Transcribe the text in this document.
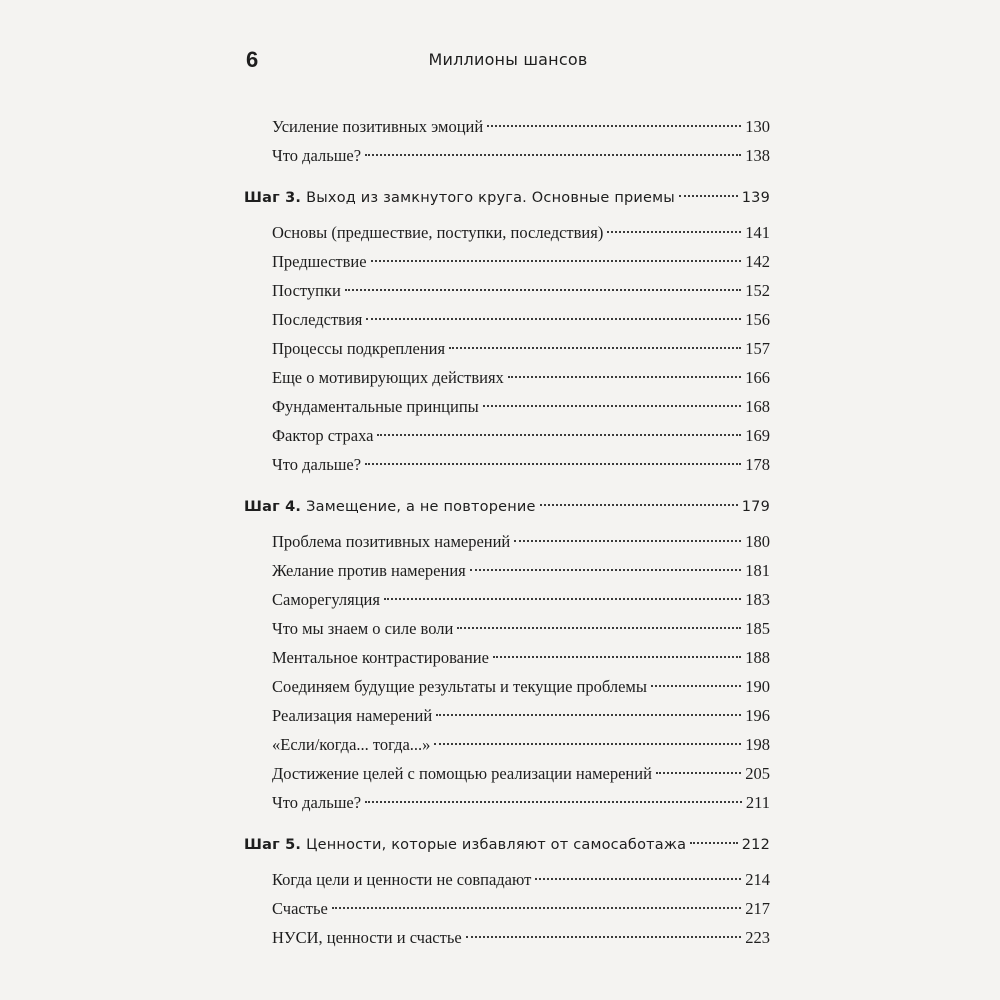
6	Миллионы шансов
Усиление позитивных эмоций	130
Что дальше?	138
Шаг 3. Выход из замкнутого круга. Основные приемы	139
Основы (предшествие, поступки, последствия)	141
Предшествие	142
Поступки	152
Последствия	156
Процессы подкрепления	157
Еще о мотивирующих действиях	166
Фундаментальные принципы	168
Фактор страха	169
Что дальше?	178
Шаг 4. Замещение, а не повторение	179
Проблема позитивных намерений	180
Желание против намерения	181
Саморегуляция	183
Что мы знаем о силе воли	185
Ментальное контрастирование	188
Соединяем будущие результаты и текущие проблемы	190
Реализация намерений	196
«Если/когда... тогда...»	198
Достижение целей с помощью реализации намерений	205
Что дальше?	211
Шаг 5. Ценности, которые избавляют от самосаботажа	212
Когда цели и ценности не совпадают	214
Счастье	217
НУСИ, ценности и счастье	223
